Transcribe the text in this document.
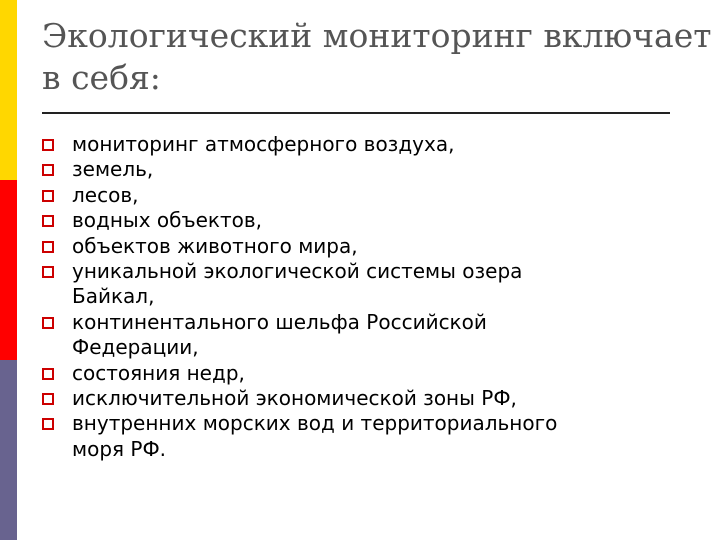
Экологический мониторинг включает
в себя:
мониторинг атмосферного воздуха,
земель,
лесов,
водных объектов,
объектов животного мира,
уникальной экологической системы озера
Байкал,
континентального шельфа Российской
Федерации,
состояния недр,
исключительной экономической зоны РФ,
внутренних морских вод и территориального
моря РФ.
